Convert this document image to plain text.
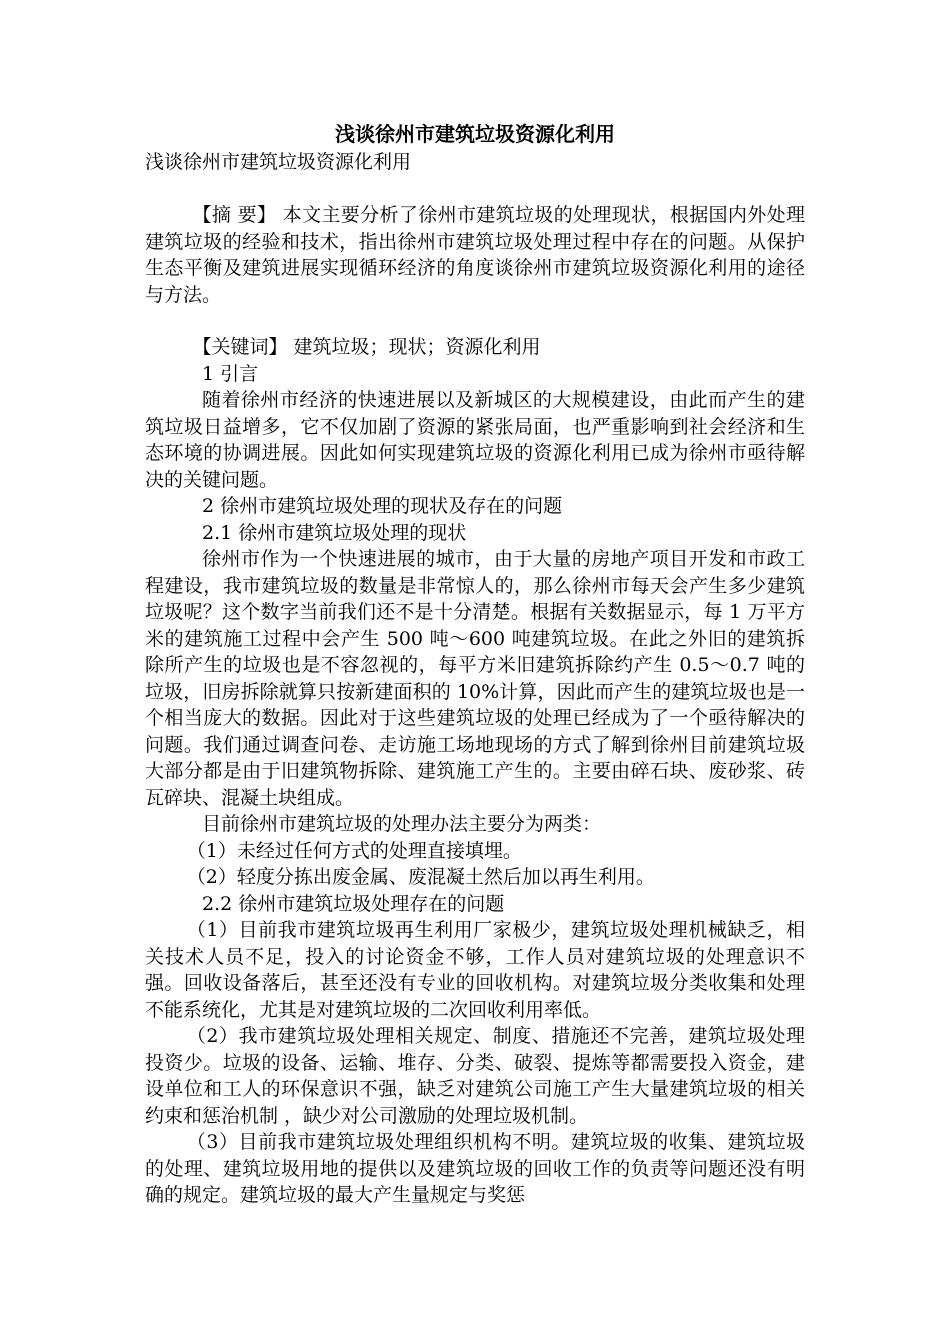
浅谈徐州市建筑垃圾资源化利用

浅谈徐州市建筑垃圾资源化利用

【摘 要】 本文主要分析了徐州市建筑垃圾的处理现状，根据国内外处理建筑垃圾的经验和技术，指出徐州市建筑垃圾处理过程中存在的问题。从保护生态平衡及建筑进展实现循环经济的角度谈徐州市建筑垃圾资源化利用的途径与方法。

【关键词】 建筑垃圾；现状；资源化利用

1 引言

随着徐州市经济的快速进展以及新城区的大规模建设，由此而产生的建筑垃圾日益增多，它不仅加剧了资源的紧张局面，也严重影响到社会经济和生态环境的协调进展。因此如何实现建筑垃圾的资源化利用已成为徐州市亟待解决的关键问题。

2 徐州市建筑垃圾处理的现状及存在的问题

2.1 徐州市建筑垃圾处理的现状

徐州市作为一个快速进展的城市，由于大量的房地产项目开发和市政工程建设，我市建筑垃圾的数量是非常惊人的，那么徐州市每天会产生多少建筑垃圾呢？这个数字当前我们还不是十分清楚。根据有关数据显示，每 1 万平方米的建筑施工过程中会产生 500 吨～600 吨建筑垃圾。在此之外旧的建筑拆除所产生的垃圾也是不容忽视的，每平方米旧建筑拆除约产生 0.5～0.7 吨的垃圾，旧房拆除就算只按新建面积的 10%计算，因此而产生的建筑垃圾也是一个相当庞大的数据。因此对于这些建筑垃圾的处理已经成为了一个亟待解决的问题。我们通过调查问卷、走访施工场地现场的方式了解到徐州目前建筑垃圾大部分都是由于旧建筑物拆除、建筑施工产生的。主要由碎石块、废砂浆、砖瓦碎块、混凝土块组成。

目前徐州市建筑垃圾的处理办法主要分为两类：

（1）未经过任何方式的处理直接填埋。

（2）轻度分拣出废金属、废混凝土然后加以再生利用。

2.2 徐州市建筑垃圾处理存在的问题

（1）目前我市建筑垃圾再生利用厂家极少，建筑垃圾处理机械缺乏，相关技术人员不足，投入的讨论资金不够，工作人员对建筑垃圾的处理意识不强。回收设备落后，甚至还没有专业的回收机构。对建筑垃圾分类收集和处理不能系统化，尤其是对建筑垃圾的二次回收利用率低。

（2）我市建筑垃圾处理相关规定、制度、措施还不完善，建筑垃圾处理投资少。垃圾的设备、运输、堆存、分类、破裂、提炼等都需要投入资金，建设单位和工人的环保意识不强，缺乏对建筑公司施工产生大量建筑垃圾的相关约束和惩治机制 ，缺少对公司激励的处理垃圾机制。

（3）目前我市建筑垃圾处理组织机构不明。建筑垃圾的收集、建筑垃圾的处理、建筑垃圾用地的提供以及建筑垃圾的回收工作的负责等问题还没有明确的规定。建筑垃圾的最大产生量规定与奖惩
